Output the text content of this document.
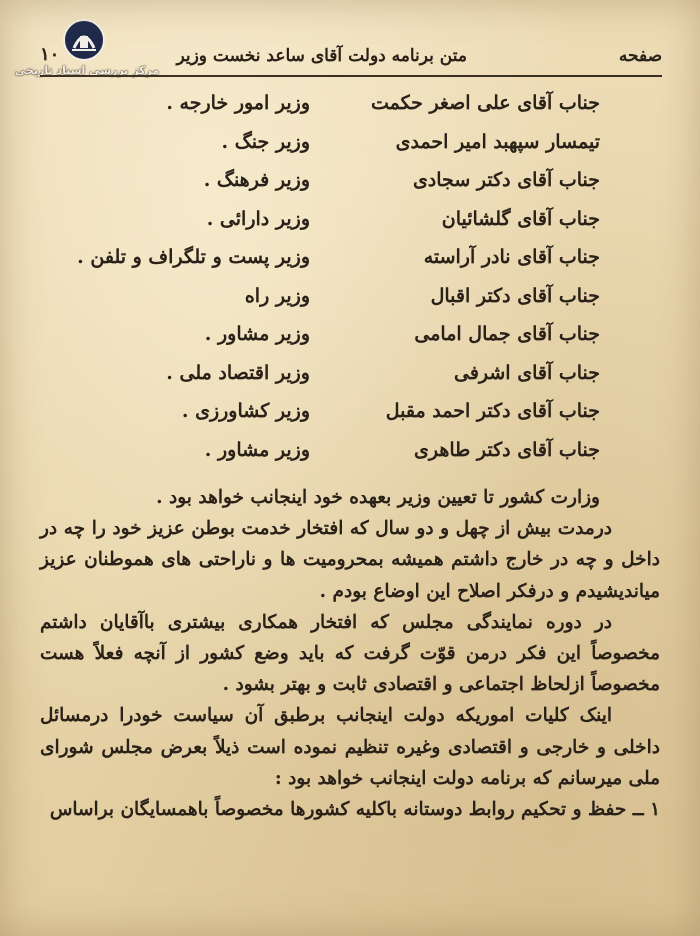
مرکز بررسی اسناد تاریخی
صفحه
متن برنامه دولت آقای ساعد نخست وزیر
۱۰
جناب آقای علی اصغر حکمت
وزیر امور خارجه .
تیمسار سپهبد امیر احمدی
وزیر جنگ .
جناب آقای دکتر سجادی
وزیر فرهنگ .
جناب آقای گلشائیان
وزیر دارائی .
جناب آقای نادر آراسته
وزیر پست و تلگراف و تلفن .
جناب آقای دکتر اقبال
وزیر راه
جناب آقای جمال امامی
وزیر مشاور .
جناب آقای اشرفی
وزیر اقتصاد ملی .
جناب آقای دکتر احمد مقبل
وزیر کشاورزی .
جناب آقای دکتر طاهری
وزیر مشاور .

وزارت کشور تا تعیین وزیر بعهده خود اینجانب خواهد بود .

درمدت بیش از چهل و دو سال که افتخار خدمت بوطن عزیز خود را چه در داخل و چه در خارج داشتم همیشه بمحرومیت ها و ناراحتی های هموطنان عزیز میاندیشیدم و درفکر اصلاح این اوضاع بودم .

در دوره نمایندگی مجلس که افتخار همکاری بیشتری باآقایان داشتم مخصوصاً این فکر درمن قوّت گرفت که باید وضع کشور از آنچه فعلاً هست مخصوصاً ازلحاظ اجتماعی و اقتصادی ثابت و بهتر بشود .

اینک کلیات اموریکه دولت اینجانب برطبق آن سیاست خودرا درمسائل داخلی و خارجی و اقتصادی وغیره تنظیم نموده است ذیلاً بعرض مجلس شورای ملی میرسانم که برنامه دولت اینجانب خواهد بود :

۱ ــ حفظ و تحکیم روابط دوستانه باکلیه کشورها مخصوصاً باهمسایگان براساس
